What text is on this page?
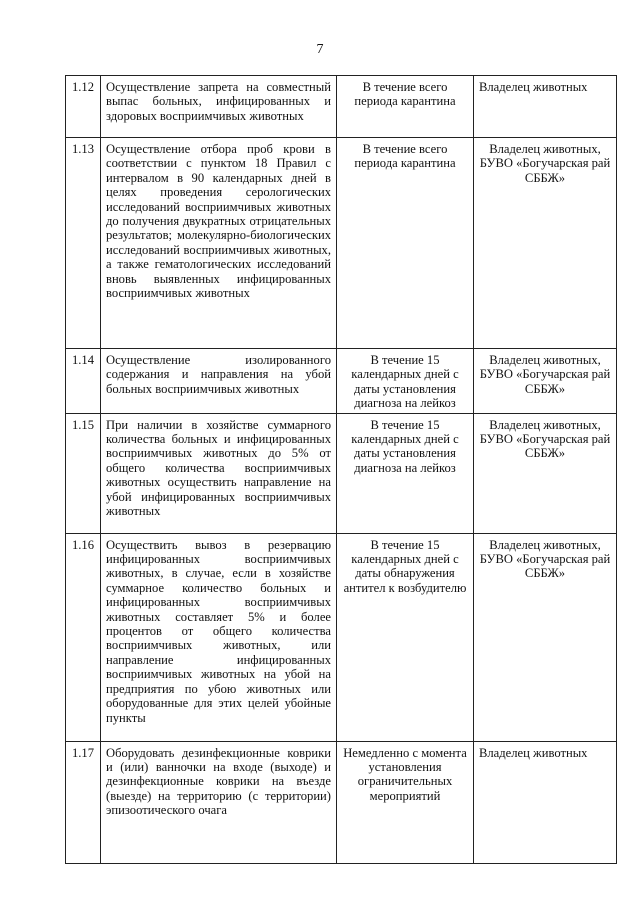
7
1.12	Осуществление запрета на совместный выпас больных, инфицированных и здоровых восприимчивых животных	В течение всего периода карантина	Владелец животных
1.13	Осуществление отбора проб крови в соответствии с пунктом 18 Правил с интервалом в 90 календарных дней в целях проведения серологических исследований восприимчивых животных до получения двукратных отрицательных результатов; молекулярно-биологических исследований восприимчивых животных, а также гематологических исследований вновь выявленных инфицированных восприимчивых животных	В течение всего периода карантина	Владелец животных, БУВО «Богучарская рай СББЖ»
1.14	Осуществление изолированного содержания и направления на убой больных восприимчивых животных	В течение 15 календарных дней с даты установления диагноза на лейкоз	Владелец животных, БУВО «Богучарская рай СББЖ»
1.15	При наличии в хозяйстве суммарного количества больных и инфицированных восприимчивых животных до 5% от общего количества восприимчивых животных осуществить направление на убой инфицированных восприимчивых животных	В течение 15 календарных дней с даты установления диагноза на лейкоз	Владелец животных, БУВО «Богучарская рай СББЖ»
1.16	Осуществить вывоз в резервацию инфицированных восприимчивых животных, в случае, если в хозяйстве суммарное количество больных и инфицированных восприимчивых животных составляет 5% и более процентов от общего количества восприимчивых животных, или направление инфицированных восприимчивых животных на убой на предприятия по убою животных или оборудованные для этих целей убойные пункты	В течение 15 календарных дней с даты обнаружения антител к возбудителю	Владелец животных, БУВО «Богучарская рай СББЖ»
1.17	Оборудовать дезинфекционные коврики и (или) ванночки на входе (выходе) и дезинфекционные коврики на въезде (выезде) на территорию (с территории) эпизоотического очага	Немедленно с момента установления ограничительных мероприятий	Владелец животных
